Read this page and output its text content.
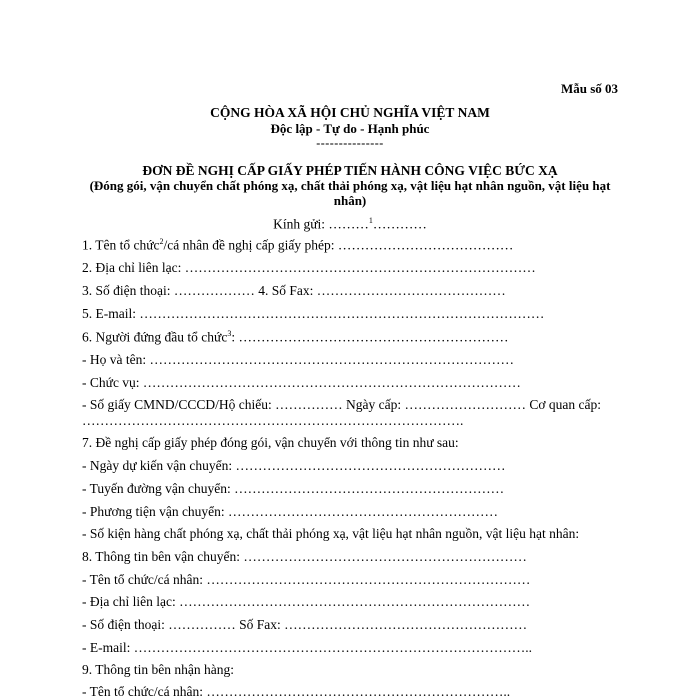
Mẫu số 03
CỘNG HÒA XÃ HỘI CHỦ NGHĨA VIỆT NAM
Độc lập - Tự do - Hạnh phúc
---------------
ĐƠN ĐỀ NGHỊ CẤP GIẤY PHÉP TIẾN HÀNH CÔNG VIỆC BỨC XẠ
(Đóng gói, vận chuyển chất phóng xạ, chất thải phóng xạ, vật liệu hạt nhân nguồn, vật liệu hạt nhân)
Kính gửi: ………$^1$…………
1. Tên tổ chức$^2$/cá nhân đề nghị cấp giấy phép: …………………………………
2. Địa chỉ liên lạc: ……………………………………………………………………
3. Số điện thoại: ……………… 4. Số Fax: ……………………………………
5. E-mail: ………………………………………………………………………………
6. Người đứng đầu tổ chức$^3$: ……………………………………………………
- Họ và tên: ………………………………………………………………………
- Chức vụ: …………………………………………………………………………
- Số giấy CMND/CCCD/Hộ chiếu: …………… Ngày cấp: ……………………… Cơ quan cấp:
………………………………………………………………………….
7. Đề nghị cấp giấy phép đóng gói, vận chuyển với thông tin như sau:
- Ngày dự kiến vận chuyển: ……………………………………………………
- Tuyến đường vận chuyển: ……………………………………………………
- Phương tiện vận chuyển: ……………………………………………………
- Số kiện hàng chất phóng xạ, chất thải phóng xạ, vật liệu hạt nhân nguồn, vật liệu hạt nhân:
8. Thông tin bên vận chuyển: ………………………………………………………
- Tên tổ chức/cá nhân: ………………………………………………………………
- Địa chỉ liên lạc: ……………………………………………………………………
- Số điện thoại: …………… Số Fax: ………………………………………………
- E-mail: ……………………………………………………………………………..
9. Thông tin bên nhận hàng:
- Tên tổ chức/cá nhân: …………………………………………………………..
